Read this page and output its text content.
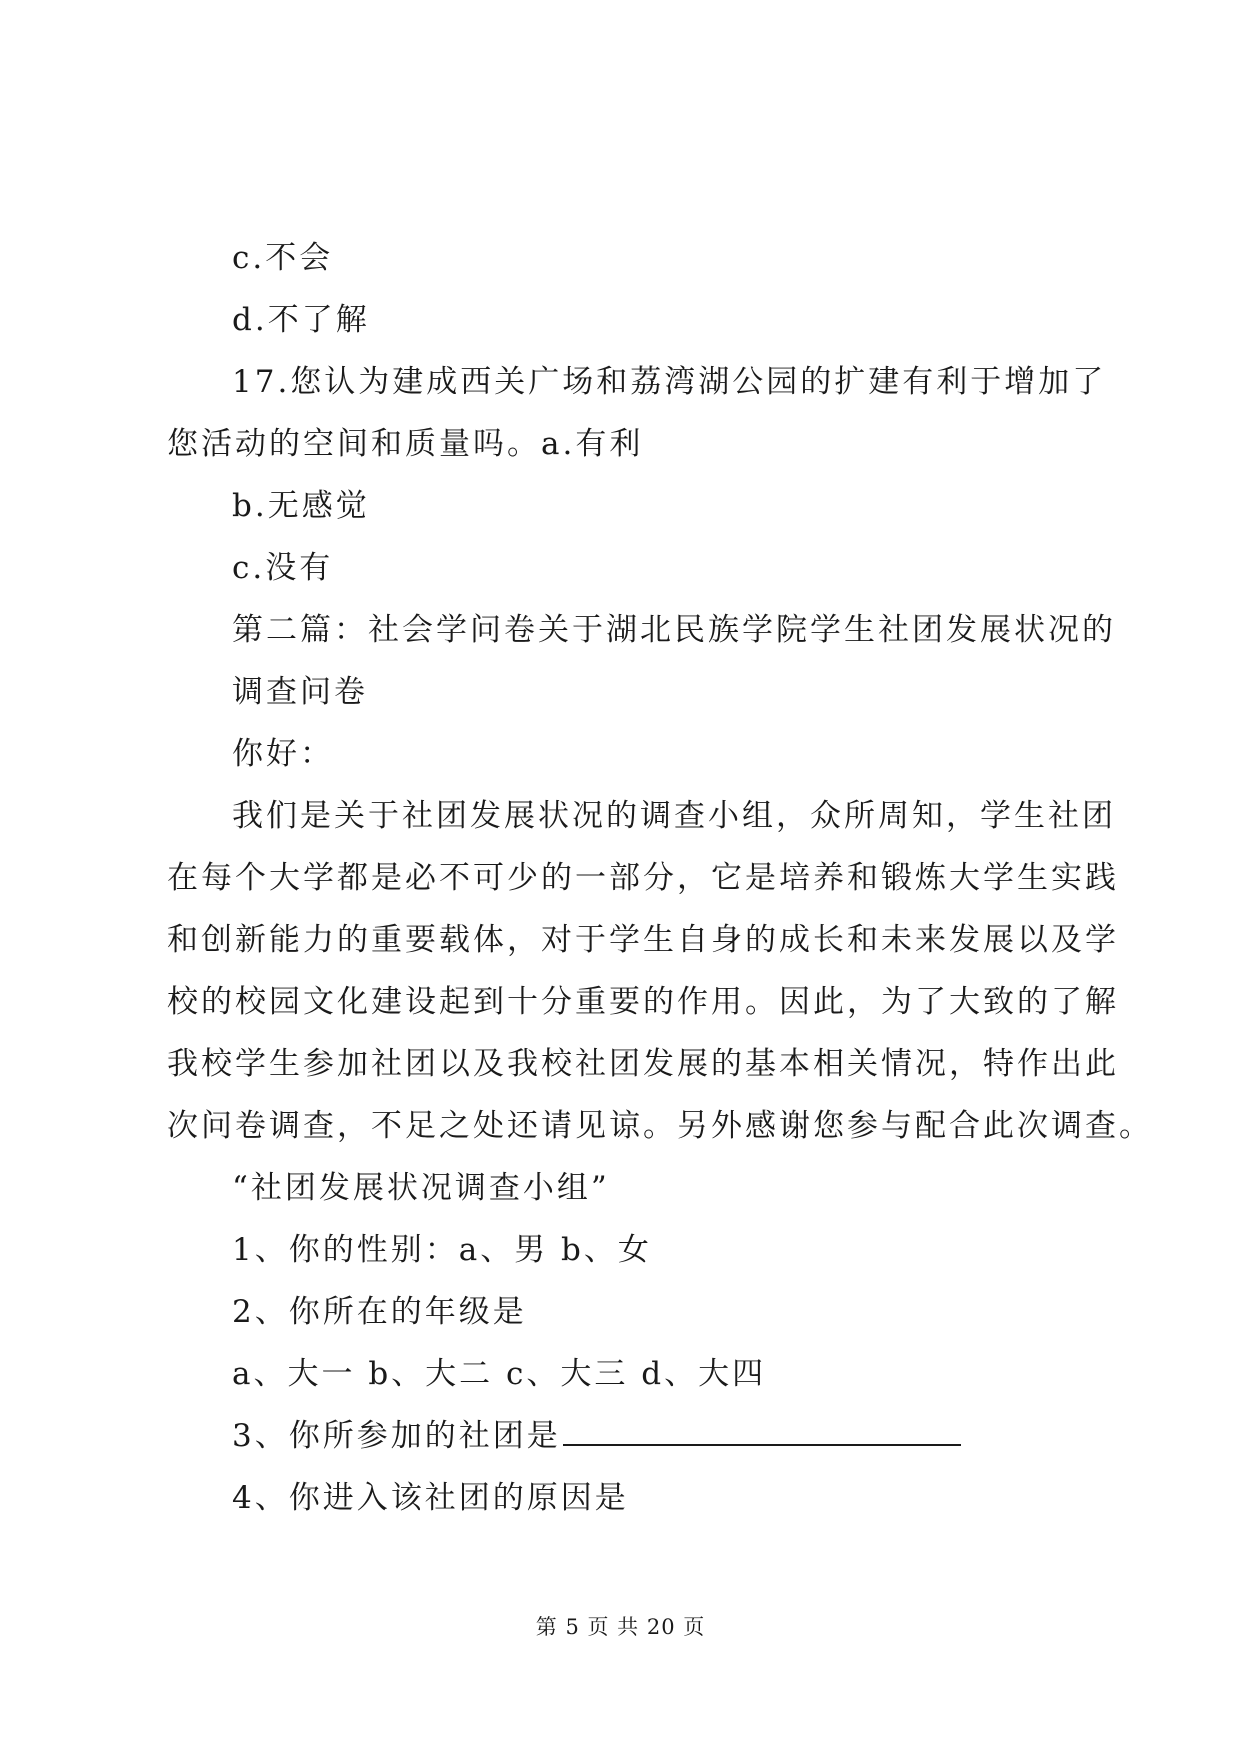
c.不会
d.不了解
17.您认为建成西关广场和荔湾湖公园的扩建有利于增加了
您活动的空间和质量吗。a.有利
b.无感觉
c.没有
第二篇：社会学问卷关于湖北民族学院学生社团发展状况的
调查问卷
你好：
我们是关于社团发展状况的调查小组，众所周知，学生社团
在每个大学都是必不可少的一部分，它是培养和锻炼大学生实践
和创新能力的重要载体，对于学生自身的成长和未来发展以及学
校的校园文化建设起到十分重要的作用。因此，为了大致的了解
我校学生参加社团以及我校社团发展的基本相关情况，特作出此
次问卷调查，不足之处还请见谅。另外感谢您参与配合此次调查。
“社团发展状况调查小组”
1、你的性别：a、男 b、女
2、你所在的年级是
a、大一 b、大二 c、大三 d、大四
3、你所参加的社团是
4、你进入该社团的原因是
第 5 页 共 20 页
